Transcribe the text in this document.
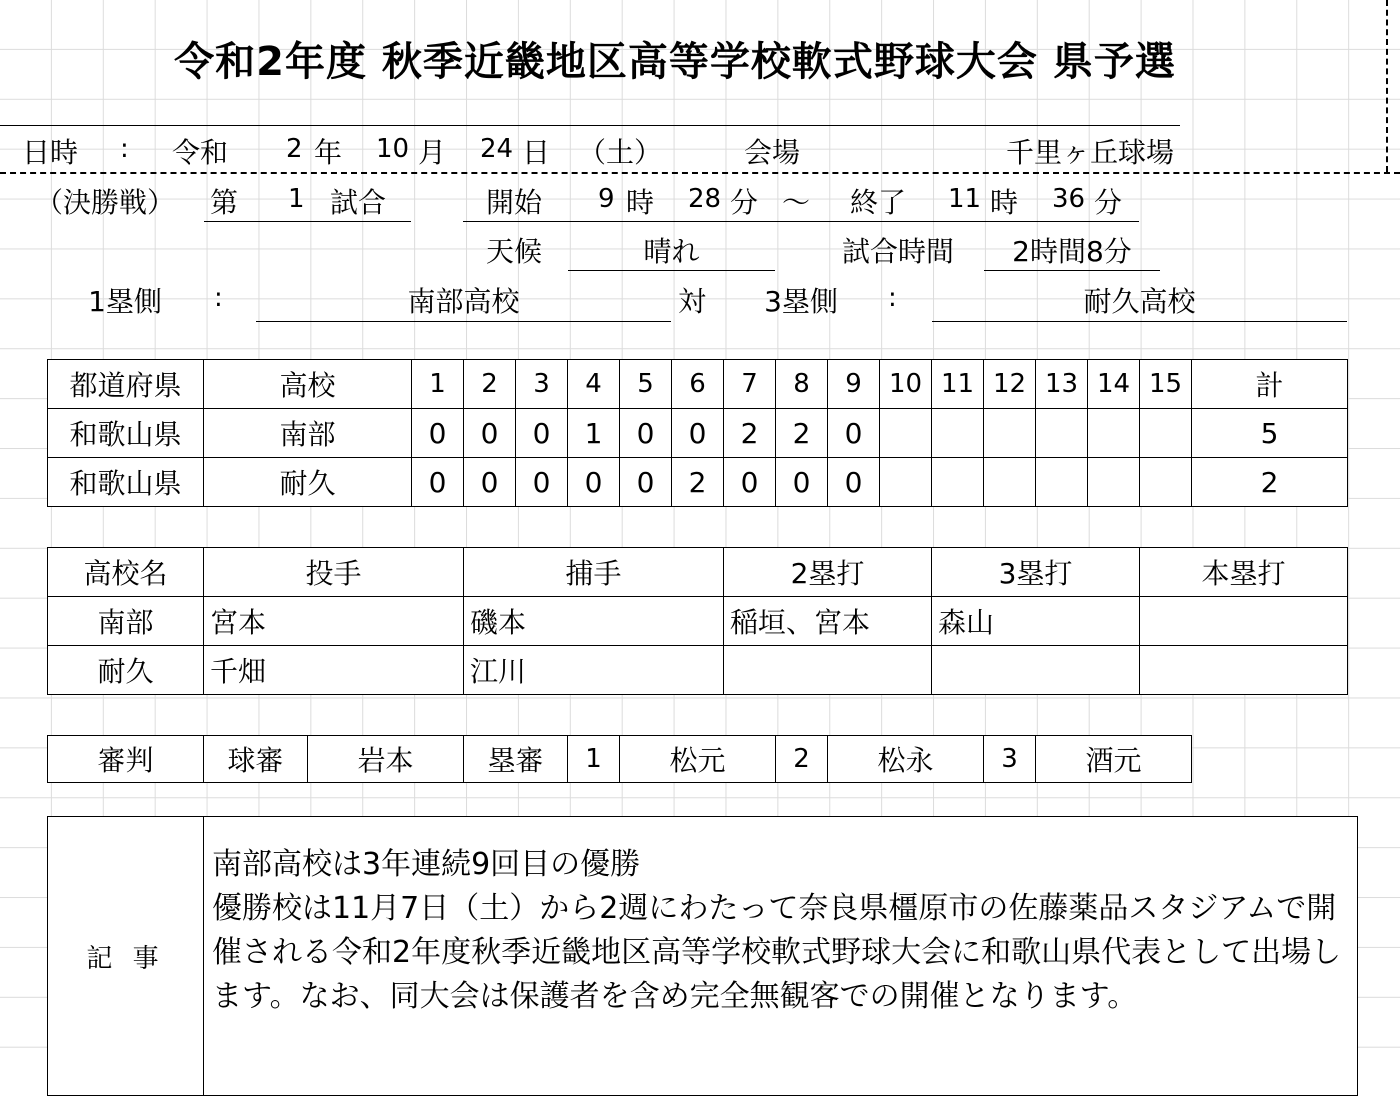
令和2年度 秋季近畿地区高等学校軟式野球大会 県予選
日時 : 令和 2 年 10 月 24 日 （土）	会場	千里ヶ丘球場
（決勝戦）	第 1 試合	開始 9 時 28 分 ～ 終了 11 時 36 分
天候	晴れ	試合時間	2時間8分
1塁側	:	南部高校	対	3塁側	:	耐久高校
都道府県	高校	1	2	3	4	5	6	7	8	9	10	11	12	13	14	15	計
和歌山県	南部	0	0	0	1	0	0	2	2	0							5
和歌山県	耐久	0	0	0	0	0	2	0	0	0							2
高校名	投手	捕手	2塁打	3塁打	本塁打
南部	宮本	磯本	稲垣、宮本	森山	
耐久	千畑	江川			
審判	球審	岩本	塁審	1	松元	2	松永	3	酒元
記 事	
南部高校は3年連続9回目の優勝
優勝校は11月7日（土）から2週にわたって奈良県橿原市の佐藤薬品スタジアムで開催される令和2年度秋季近畿地区高等学校軟式野球大会に和歌山県代表として出場します。なお、同大会は保護者を含め完全無観客での開催となります。
